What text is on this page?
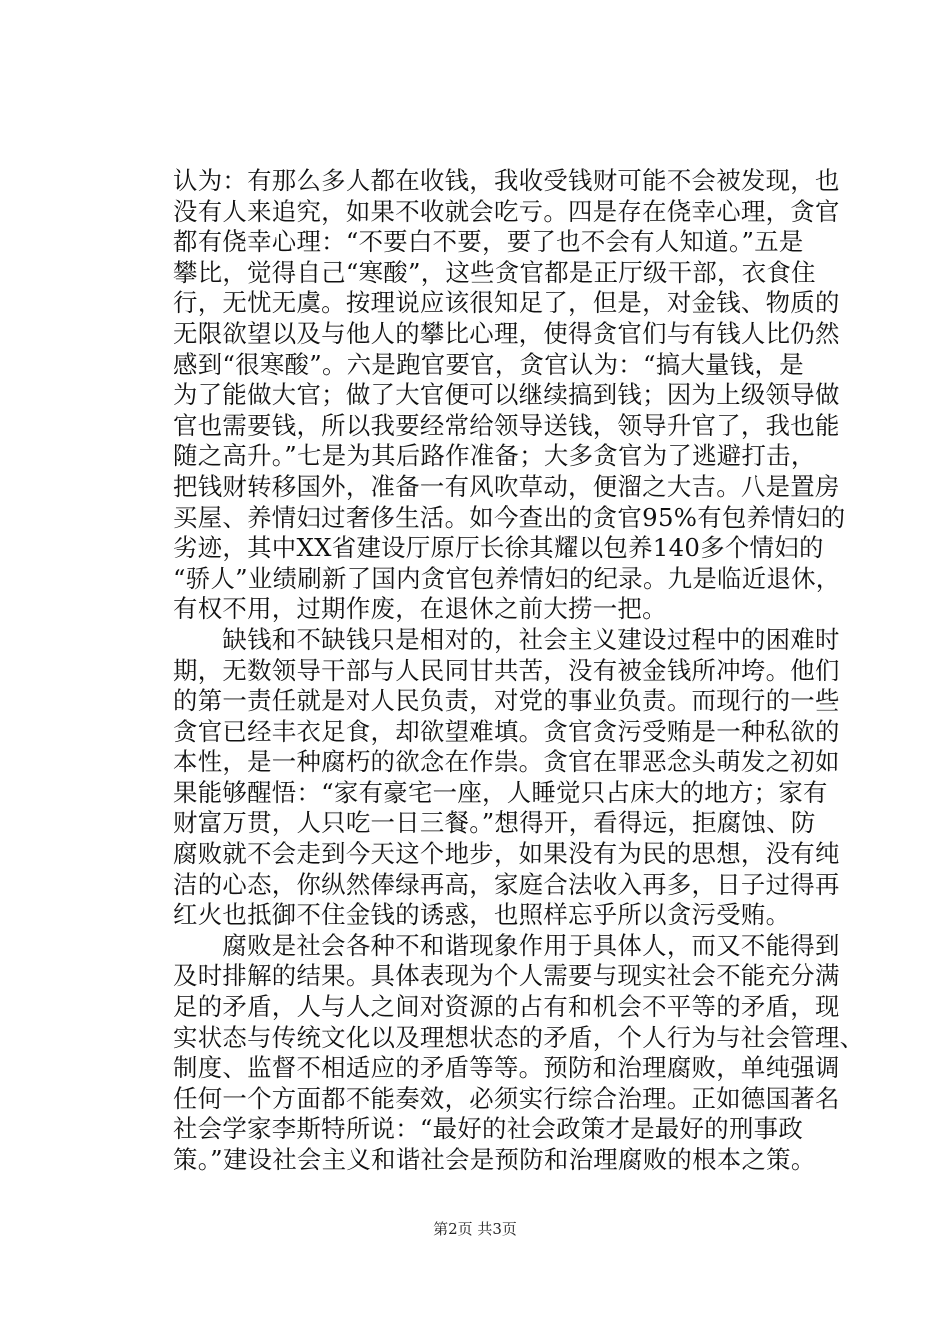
认为：有那么多人都在收钱，我收受钱财可能不会被发现，也
没有人来追究，如果不收就会吃亏。四是存在侥幸心理，贪官
都有侥幸心理：“不要白不要，要了也不会有人知道。”五是
攀比，觉得自己“寒酸”，这些贪官都是正厅级干部，衣食住
行，无忧无虞。按理说应该很知足了，但是，对金钱、物质的
无限欲望以及与他人的攀比心理，使得贪官们与有钱人比仍然
感到“很寒酸”。六是跑官要官，贪官认为：“搞大量钱，是
为了能做大官；做了大官便可以继续搞到钱；因为上级领导做
官也需要钱，所以我要经常给领导送钱，领导升官了，我也能
随之高升。”七是为其后路作准备；大多贪官为了逃避打击，
把钱财转移国外，准备一有风吹草动，便溜之大吉。八是置房
买屋、养情妇过奢侈生活。如今查出的贪官95%有包养情妇的
劣迹，其中XX省建设厅原厅长徐其耀以包养140多个情妇的
“骄人”业绩刷新了国内贪官包养情妇的纪录。九是临近退休，
有权不用，过期作废，在退休之前大捞一把。
　　缺钱和不缺钱只是相对的，社会主义建设过程中的困难时
期，无数领导干部与人民同甘共苦，没有被金钱所冲垮。他们
的第一责任就是对人民负责，对党的事业负责。而现行的一些
贪官已经丰衣足食，却欲望难填。贪官贪污受贿是一种私欲的
本性，是一种腐朽的欲念在作祟。贪官在罪恶念头萌发之初如
果能够醒悟：“家有豪宅一座，人睡觉只占床大的地方；家有
财富万贯，人只吃一日三餐。”想得开，看得远，拒腐蚀、防
腐败就不会走到今天这个地步，如果没有为民的思想，没有纯
洁的心态，你纵然俸绿再高，家庭合法收入再多，日子过得再
红火也抵御不住金钱的诱惑，也照样忘乎所以贪污受贿。
　　腐败是社会各种不和谐现象作用于具体人，而又不能得到
及时排解的结果。具体表现为个人需要与现实社会不能充分满
足的矛盾，人与人之间对资源的占有和机会不平等的矛盾，现
实状态与传统文化以及理想状态的矛盾，个人行为与社会管理、
制度、监督不相适应的矛盾等等。预防和治理腐败，单纯强调
任何一个方面都不能奏效，必须实行综合治理。正如德国著名
社会学家李斯特所说：“最好的社会政策才是最好的刑事政
策。”建设社会主义和谐社会是预防和治理腐败的根本之策。
第2页 共3页
